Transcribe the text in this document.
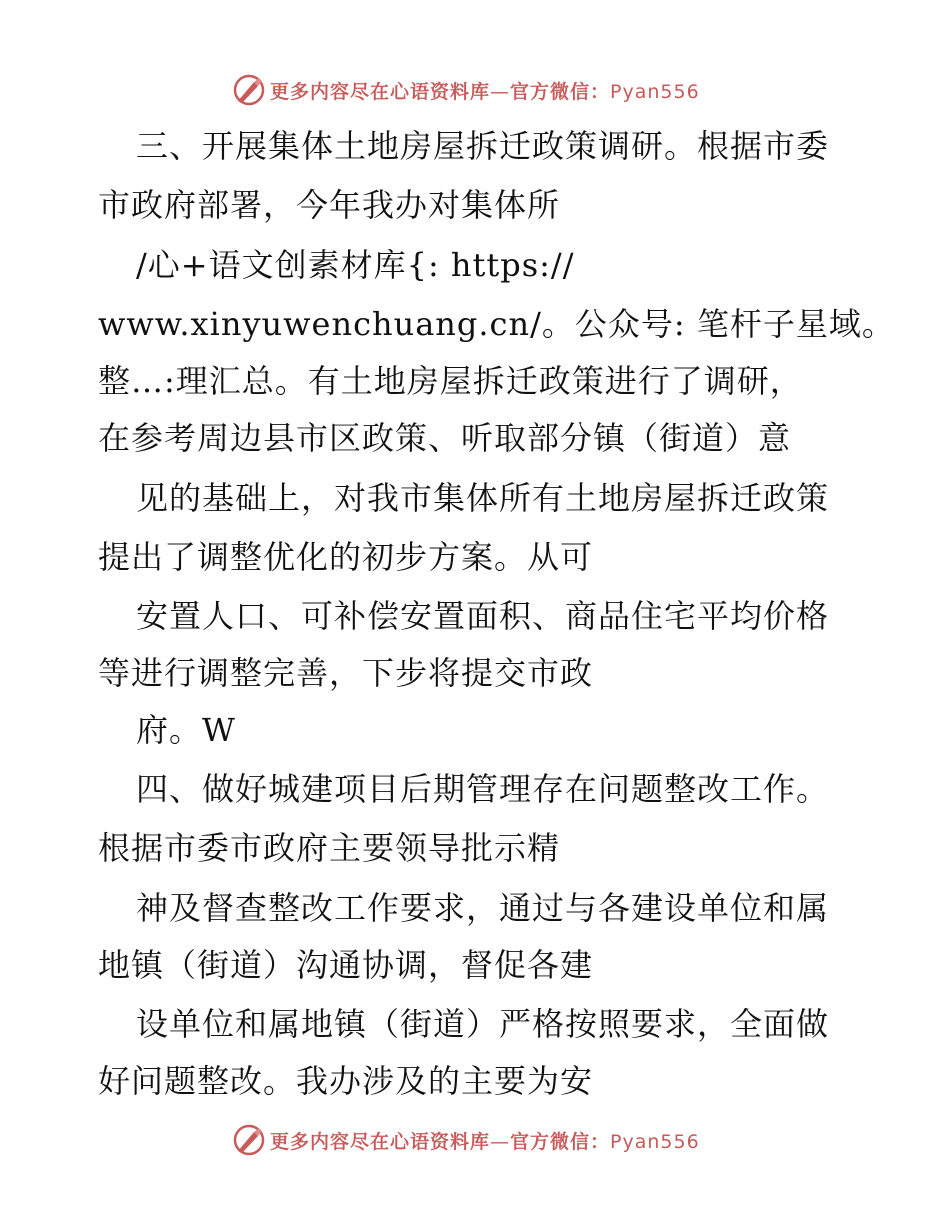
更多内容尽在心语资料库—官方微信：Pyan556
三、开展集体土地房屋拆迁政策调研。根据市委
市政府部署，今年我办对集体所
/心+语文创素材库{: https://
www.xinyuwenchuang.cn/。公众号: 笔杆子星域。
整…:理汇总。有土地房屋拆迁政策进行了调研，
在参考周边县市区政策、听取部分镇（街道）意
见的基础上，对我市集体所有土地房屋拆迁政策
提出了调整优化的初步方案。从可
安置人口、可补偿安置面积、商品住宅平均价格
等进行调整完善，下步将提交市政
府。W
四、做好城建项目后期管理存在问题整改工作。
根据市委市政府主要领导批示精
神及督查整改工作要求，通过与各建设单位和属
地镇（街道）沟通协调，督促各建
设单位和属地镇（街道）严格按照要求，全面做
好问题整改。我办涉及的主要为安
更多内容尽在心语资料库—官方微信：Pyan556
